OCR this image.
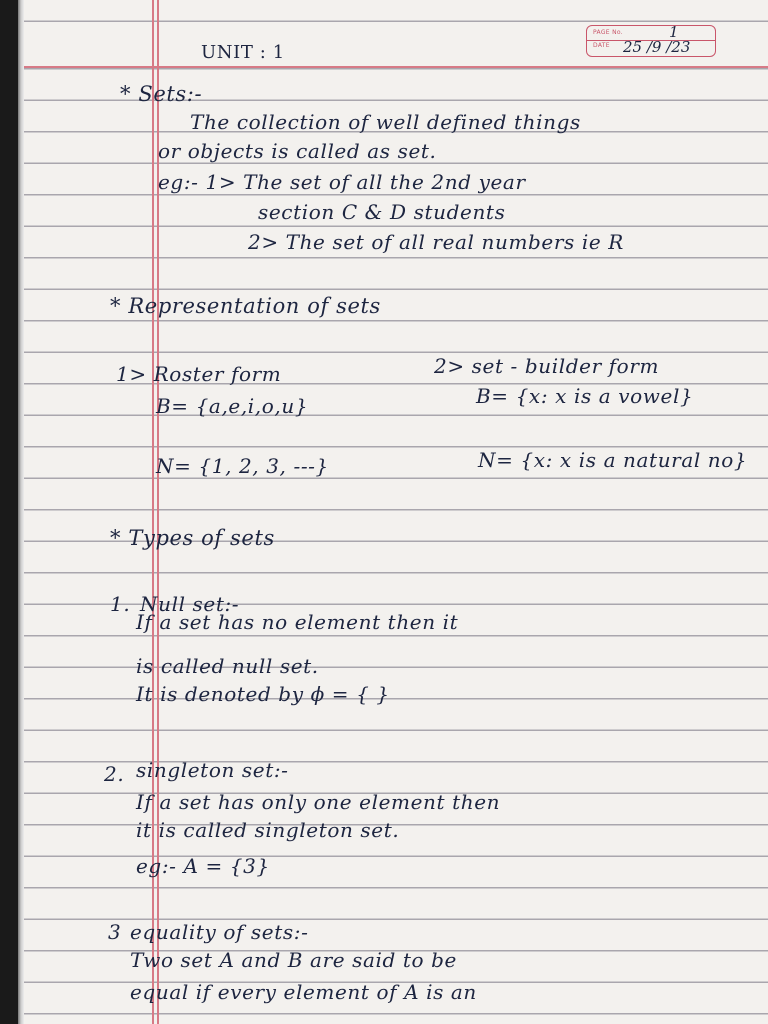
PAGE No.
DATE
1
25 /9 /23
UNIT : 1
* Sets:-
The collection of well defined things
or objects is called as set.
eg:- 1> The set of all the 2nd year
section C & D students
2> The set of all real numbers ie R
* Representation of sets
1> Roster form	2> set - builder form
B= {a,e,i,o,u}	B= {x: x is a vowel}
N= {1, 2, 3, ---}	N= {x: x is a natural no}
* Types of sets
1. Null set:-
If a set has no element then it
is called null set.
It is denoted by ϕ = { }
2. singleton set:-
If a set has only one element then
it is called singleton set.
eg:- A = {3}
3 equality of sets:-
Two set A and B are said to be
equal if every element of A is an
